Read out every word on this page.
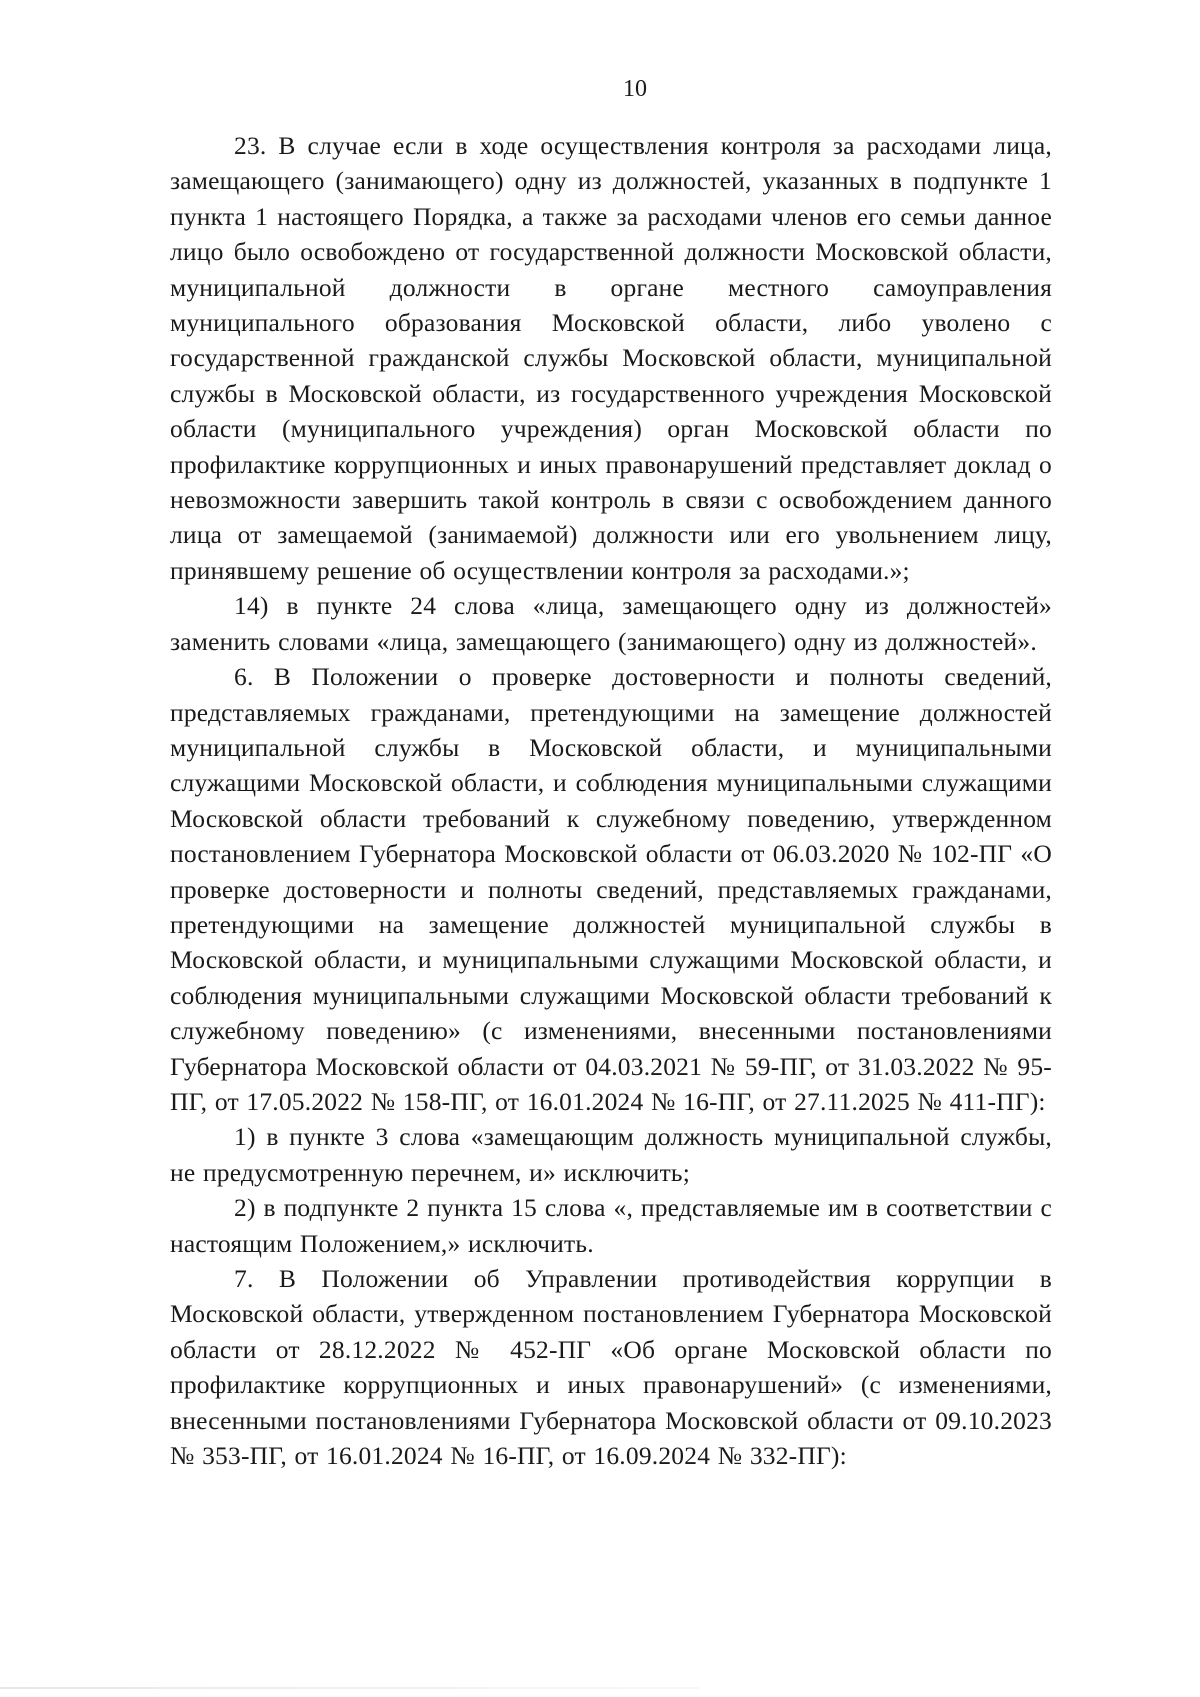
10

23. В случае если в ходе осуществления контроля за расходами лица, замещающего (занимающего) одну из должностей, указанных в подпункте 1 пункта 1 настоящего Порядка, а также за расходами членов его семьи данное лицо было освобождено от государственной должности Московской области, муниципальной должности в органе местного самоуправления муниципального образования Московской области, либо уволено с государственной гражданской службы Московской области, муниципальной службы в Московской области, из государственного учреждения Московской области (муниципального учреждения) орган Московской области по профилактике коррупционных и иных правонарушений представляет доклад о невозможности завершить такой контроль в связи с освобождением данного лица от замещаемой (занимаемой) должности или его увольнением лицу, принявшему решение об осуществлении контроля за расходами.»;

14) в пункте 24 слова «лица, замещающего одну из должностей» заменить словами «лица, замещающего (занимающего) одну из должностей».

6. В Положении о проверке достоверности и полноты сведений, представляемых гражданами, претендующими на замещение должностей муниципальной службы в Московской области, и муниципальными служащими Московской области, и соблюдения муниципальными служащими Московской области требований к служебному поведению, утвержденном постановлением Губернатора Московской области от 06.03.2020 № 102-ПГ «О проверке достоверности и полноты сведений, представляемых гражданами, претендующими на замещение должностей муниципальной службы в Московской области, и муниципальными служащими Московской области, и соблюдения муниципальными служащими Московской области требований к служебному поведению» (с изменениями, внесенными постановлениями Губернатора Московской области от 04.03.2021 № 59-ПГ, от 31.03.2022 № 95-ПГ, от 17.05.2022 № 158-ПГ, от 16.01.2024 № 16-ПГ, от 27.11.2025 № 411-ПГ):

1) в пункте 3 слова «замещающим должность муниципальной службы, не предусмотренную перечнем, и» исключить;

2) в подпункте 2 пункта 15 слова «, представляемые им в соответствии с настоящим Положением,» исключить.

7. В Положении об Управлении противодействия коррупции в Московской области, утвержденном постановлением Губернатора Московской области от 28.12.2022 № 452-ПГ «Об органе Московской области по профилактике коррупционных и иных правонарушений» (с изменениями, внесенными постановлениями Губернатора Московской области от 09.10.2023 № 353-ПГ, от 16.01.2024 № 16-ПГ, от 16.09.2024 № 332-ПГ):
